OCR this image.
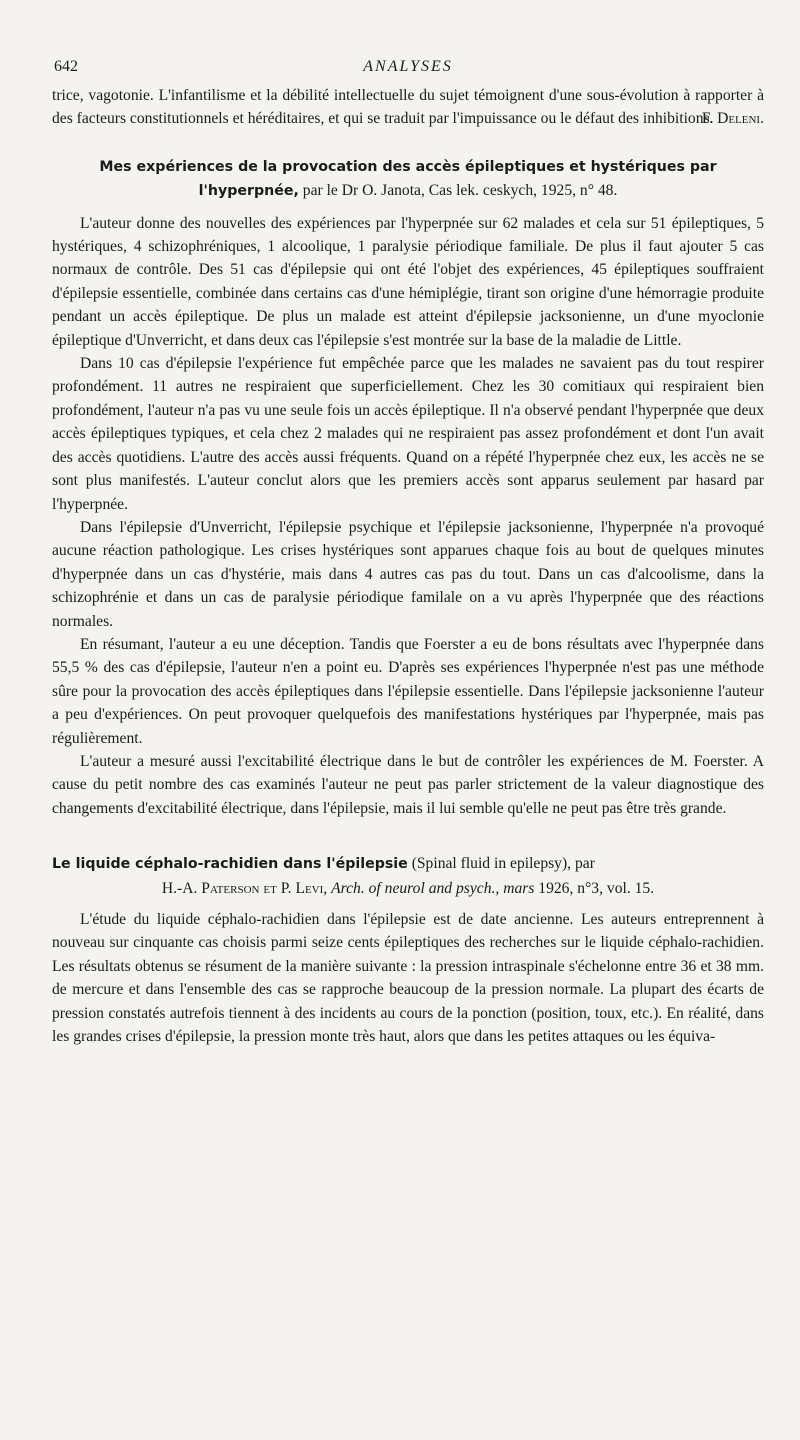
642	ANALYSES

trice, vagotonie. L'infantilisme et la débilité intellectuelle du sujet témoignent d'une sous-évolution à rapporter à des facteurs constitutionnels et héréditaires, et qui se traduit par l'impuissance ou le défaut des inhibitions.

F. Deleni.
Mes expériences de la provocation des accès épileptiques et hystériques par l'hyperpnée, par le Dr O. Janota, Cas lek. ceskych, 1925, n° 48.

L'auteur donne des nouvelles des expériences par l'hyperpnée sur 62 malades et cela sur 51 épileptiques, 5 hystériques, 4 schizophréniques, 1 alcoolique, 1 paralysie périodique familiale. De plus il faut ajouter 5 cas normaux de contrôle. Des 51 cas d'épilepsie qui ont été l'objet des expériences, 45 épileptiques souffraient d'épilepsie essentielle, combinée dans certains cas d'une hémiplégie, tirant son origine d'une hémorragie produite pendant un accès épileptique. De plus un malade est atteint d'épilepsie jacksonienne, un d'une myoclonie épileptique d'Unverricht, et dans deux cas l'épilepsie s'est montrée sur la base de la maladie de Little.

Dans 10 cas d'épilepsie l'expérience fut empêchée parce que les malades ne savaient pas du tout respirer profondément. 11 autres ne respiraient que superficiellement. Chez les 30 comitiaux qui respiraient bien profondément, l'auteur n'a pas vu une seule fois un accès épileptique. Il n'a observé pendant l'hyperpnée que deux accès épileptiques typiques, et cela chez 2 malades qui ne respiraient pas assez profondément et dont l'un avait des accès quotidiens. L'autre des accès aussi fréquents. Quand on a répété l'hyperpnée chez eux, les accès ne se sont plus manifestés. L'auteur conclut alors que les premiers accès sont apparus seulement par hasard par l'hyperpnée.

Dans l'épilepsie d'Unverricht, l'épilepsie psychique et l'épilepsie jacksonienne, l'hyperpnée n'a provoqué aucune réaction pathologique. Les crises hystériques sont apparues chaque fois au bout de quelques minutes d'hyperpnée dans un cas d'hystérie, mais dans 4 autres cas pas du tout. Dans un cas d'alcoolisme, dans la schizophrénie et dans un cas de paralysie périodique familale on a vu après l'hyperpnée que des réactions normales.

En résumant, l'auteur a eu une déception. Tandis que Foerster a eu de bons résultats avec l'hyperpnée dans 55,5 % des cas d'épilepsie, l'auteur n'en a point eu. D'après ses expériences l'hyperpnée n'est pas une méthode sûre pour la provocation des accès épileptiques dans l'épilepsie essentielle. Dans l'épilepsie jacksonienne l'auteur a peu d'expériences. On peut provoquer quelquefois des manifestations hystériques par l'hyperpnée, mais pas régulièrement.

L'auteur a mesuré aussi l'excitabilité électrique dans le but de contrôler les expériences de M. Foerster. A cause du petit nombre des cas examinés l'auteur ne peut pas parler strictement de la valeur diagnostique des changements d'excitabilité électrique, dans l'épilepsie, mais il lui semble qu'elle ne peut pas être très grande.

Le liquide céphalo-rachidien dans l'épilepsie (Spinal fluid in epilepsy), par
H.-A. Paterson et P. Levi, Arch. of neurol and psych., mars 1926, n°3, vol. 15.

L'étude du liquide céphalo-rachidien dans l'épilepsie est de date ancienne. Les auteurs entreprennent à nouveau sur cinquante cas choisis parmi seize cents épileptiques des recherches sur le liquide céphalo-rachidien. Les résultats obtenus se résument de la manière suivante : la pression intraspinale s'échelonne entre 36 et 38 mm. de mercure et dans l'ensemble des cas se rapproche beaucoup de la pression normale. La plupart des écarts de pression constatés autrefois tiennent à des incidents au cours de la ponction (position, toux, etc.). En réalité, dans les grandes crises d'épilepsie, la pression monte très haut, alors que dans les petites attaques ou les équiva-
